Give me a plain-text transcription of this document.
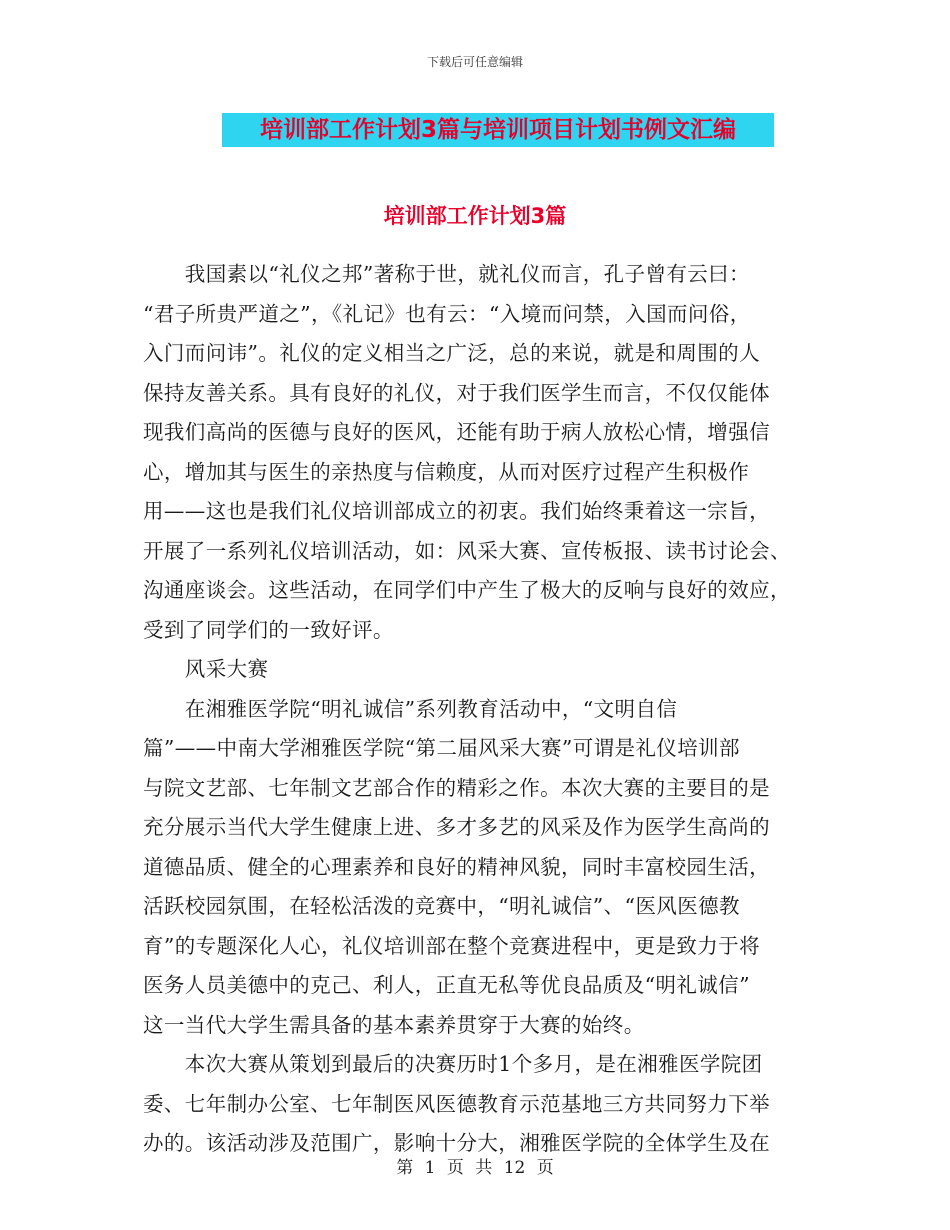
下载后可任意编辑
培训部工作计划3篇与培训项目计划书例文汇编
培训部工作计划3篇
　　我国素以“礼仪之邦”著称于世，就礼仪而言，孔子曾有云曰：
“君子所贵严道之”，《礼记》也有云：“入境而问禁，入国而问俗，
入门而问讳”。礼仪的定义相当之广泛，总的来说，就是和周围的人
保持友善关系。具有良好的礼仪，对于我们医学生而言，不仅仅能体
现我们高尚的医德与良好的医风，还能有助于病人放松心情，增强信
心，增加其与医生的亲热度与信赖度，从而对医疗过程产生积极作
用——这也是我们礼仪培训部成立的初衷。我们始终秉着这一宗旨，
开展了一系列礼仪培训活动，如：风采大赛、宣传板报、读书讨论会、
沟通座谈会。这些活动，在同学们中产生了极大的反响与良好的效应，
受到了同学们的一致好评。
　　风采大赛
　　在湘雅医学院“明礼诚信”系列教育活动中，“文明自信
篇”——中南大学湘雅医学院“第二届风采大赛”可谓是礼仪培训部
与院文艺部、七年制文艺部合作的精彩之作。本次大赛的主要目的是
充分展示当代大学生健康上进、多才多艺的风采及作为医学生高尚的
道德品质、健全的心理素养和良好的精神风貌，同时丰富校园生活，
活跃校园氛围，在轻松活泼的竞赛中，“明礼诚信”、“医风医德教
育”的专题深化人心，礼仪培训部在整个竞赛进程中，更是致力于将
医务人员美德中的克己、利人，正直无私等优良品质及“明礼诚信”
这一当代大学生需具备的基本素养贯穿于大赛的始终。
　　本次大赛从策划到最后的决赛历时1个多月，是在湘雅医学院团
委、七年制办公室、七年制医风医德教育示范基地三方共同努力下举
办的。该活动涉及范围广，影响十分大，湘雅医学院的全体学生及在
第 1 页 共 12 页
